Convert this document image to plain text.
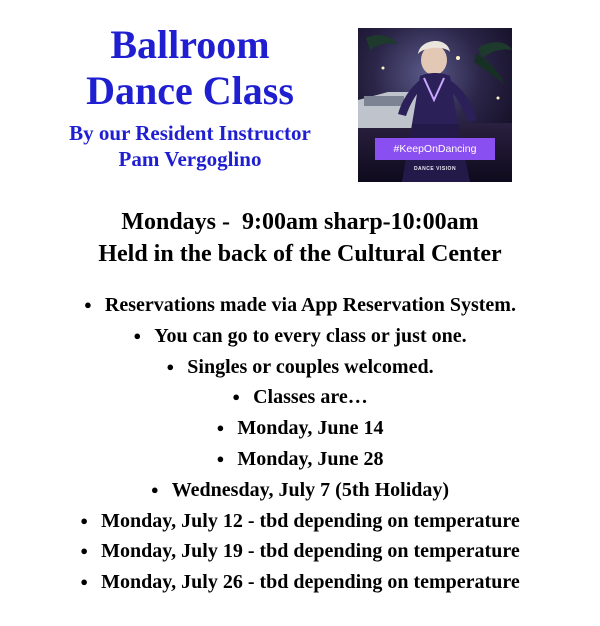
Ballroom
Dance Class
By our Resident Instructor
Pam Vergoglino	#KeepOnDancing
DANCE VISION
Mondays -  9:00am sharp-10:00am
Held in the back of the Cultural Center
● Reservations made via App Reservation System.
● You can go to every class or just one.
● Singles or couples welcomed.
● Classes are…
● Monday, June 14
● Monday, June 28
● Wednesday, July 7 (5th Holiday)
● Monday, July 12 - tbd depending on temperature
● Monday, July 19 - tbd depending on temperature
● Monday, July 26 - tbd depending on temperature
